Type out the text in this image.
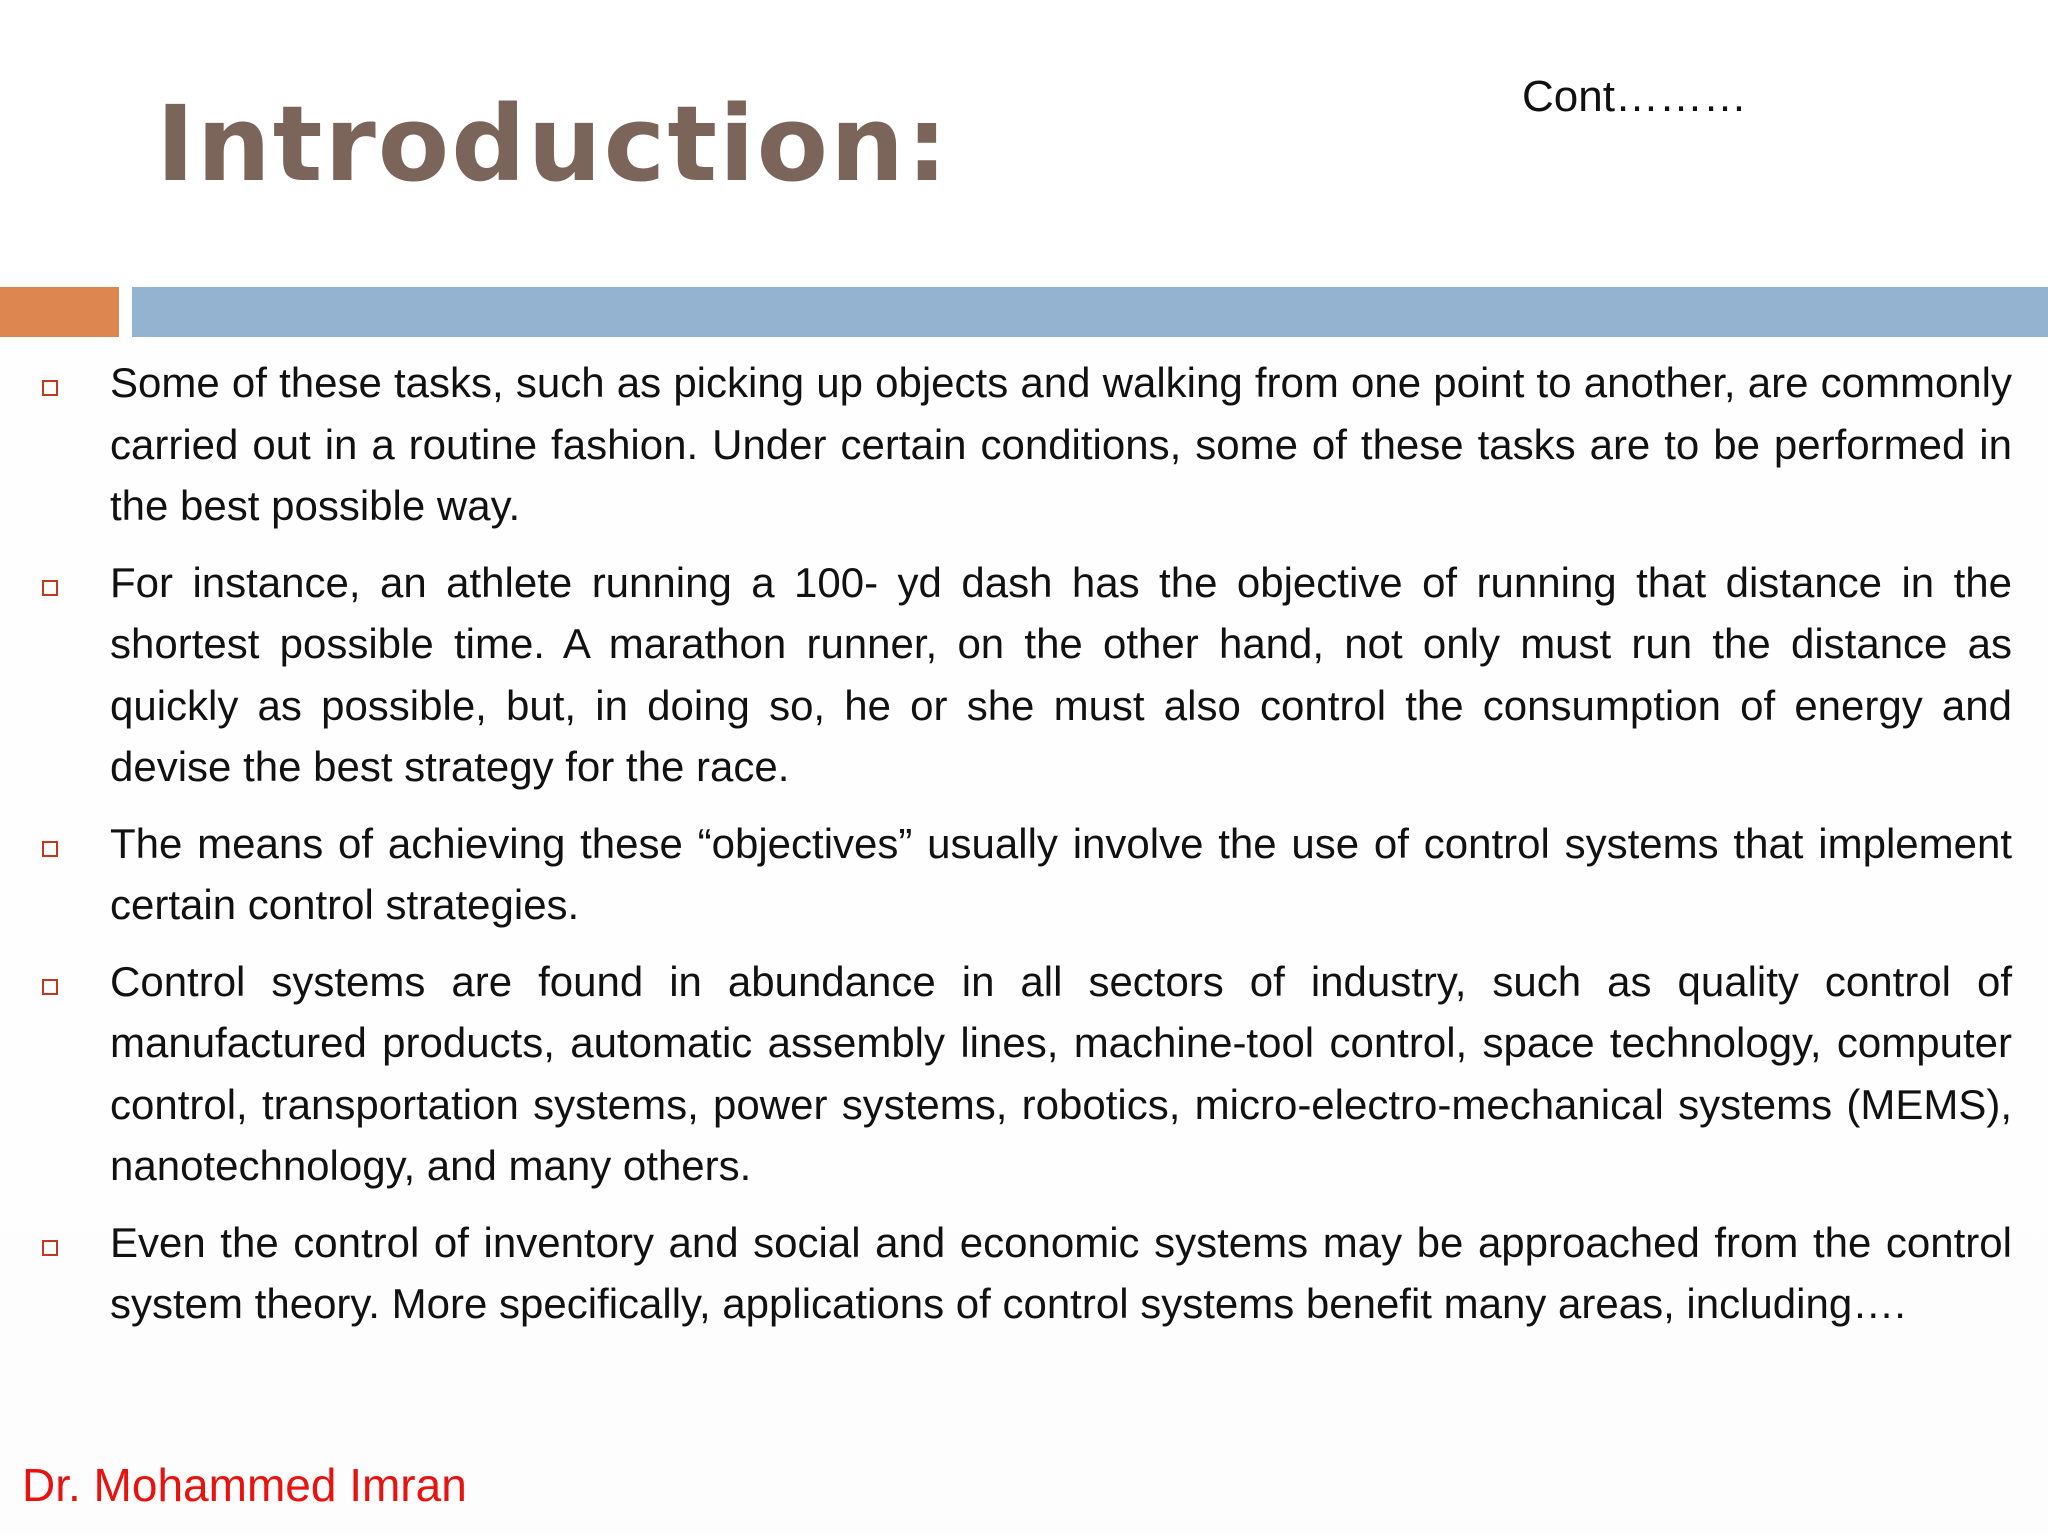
Introduction:	Cont………
Some of these tasks, such as picking up objects and walking from one point to another, are commonly carried out in a routine fashion. Under certain conditions, some of these tasks are to be performed in the best possible way.
For instance, an athlete running a 100- yd dash has the objective of running that distance in the shortest possible time. A marathon runner, on the other hand, not only must run the distance as quickly as possible, but, in doing so, he or she must also control the consumption of energy and devise the best strategy for the race.
The means of achieving these “objectives” usually involve the use of control systems that implement certain control strategies.
Control systems are found in abundance in all sectors of industry, such as quality control of manufactured products, automatic assembly lines, machine-tool control, space technology, computer control, transportation systems, power systems, robotics, micro-electro-mechanical systems (MEMS), nanotechnology, and many others.
Even the control of inventory and social and economic systems may be approached from the control system theory. More specifically, applications of control systems benefit many areas, including….
Dr. Mohammed Imran
